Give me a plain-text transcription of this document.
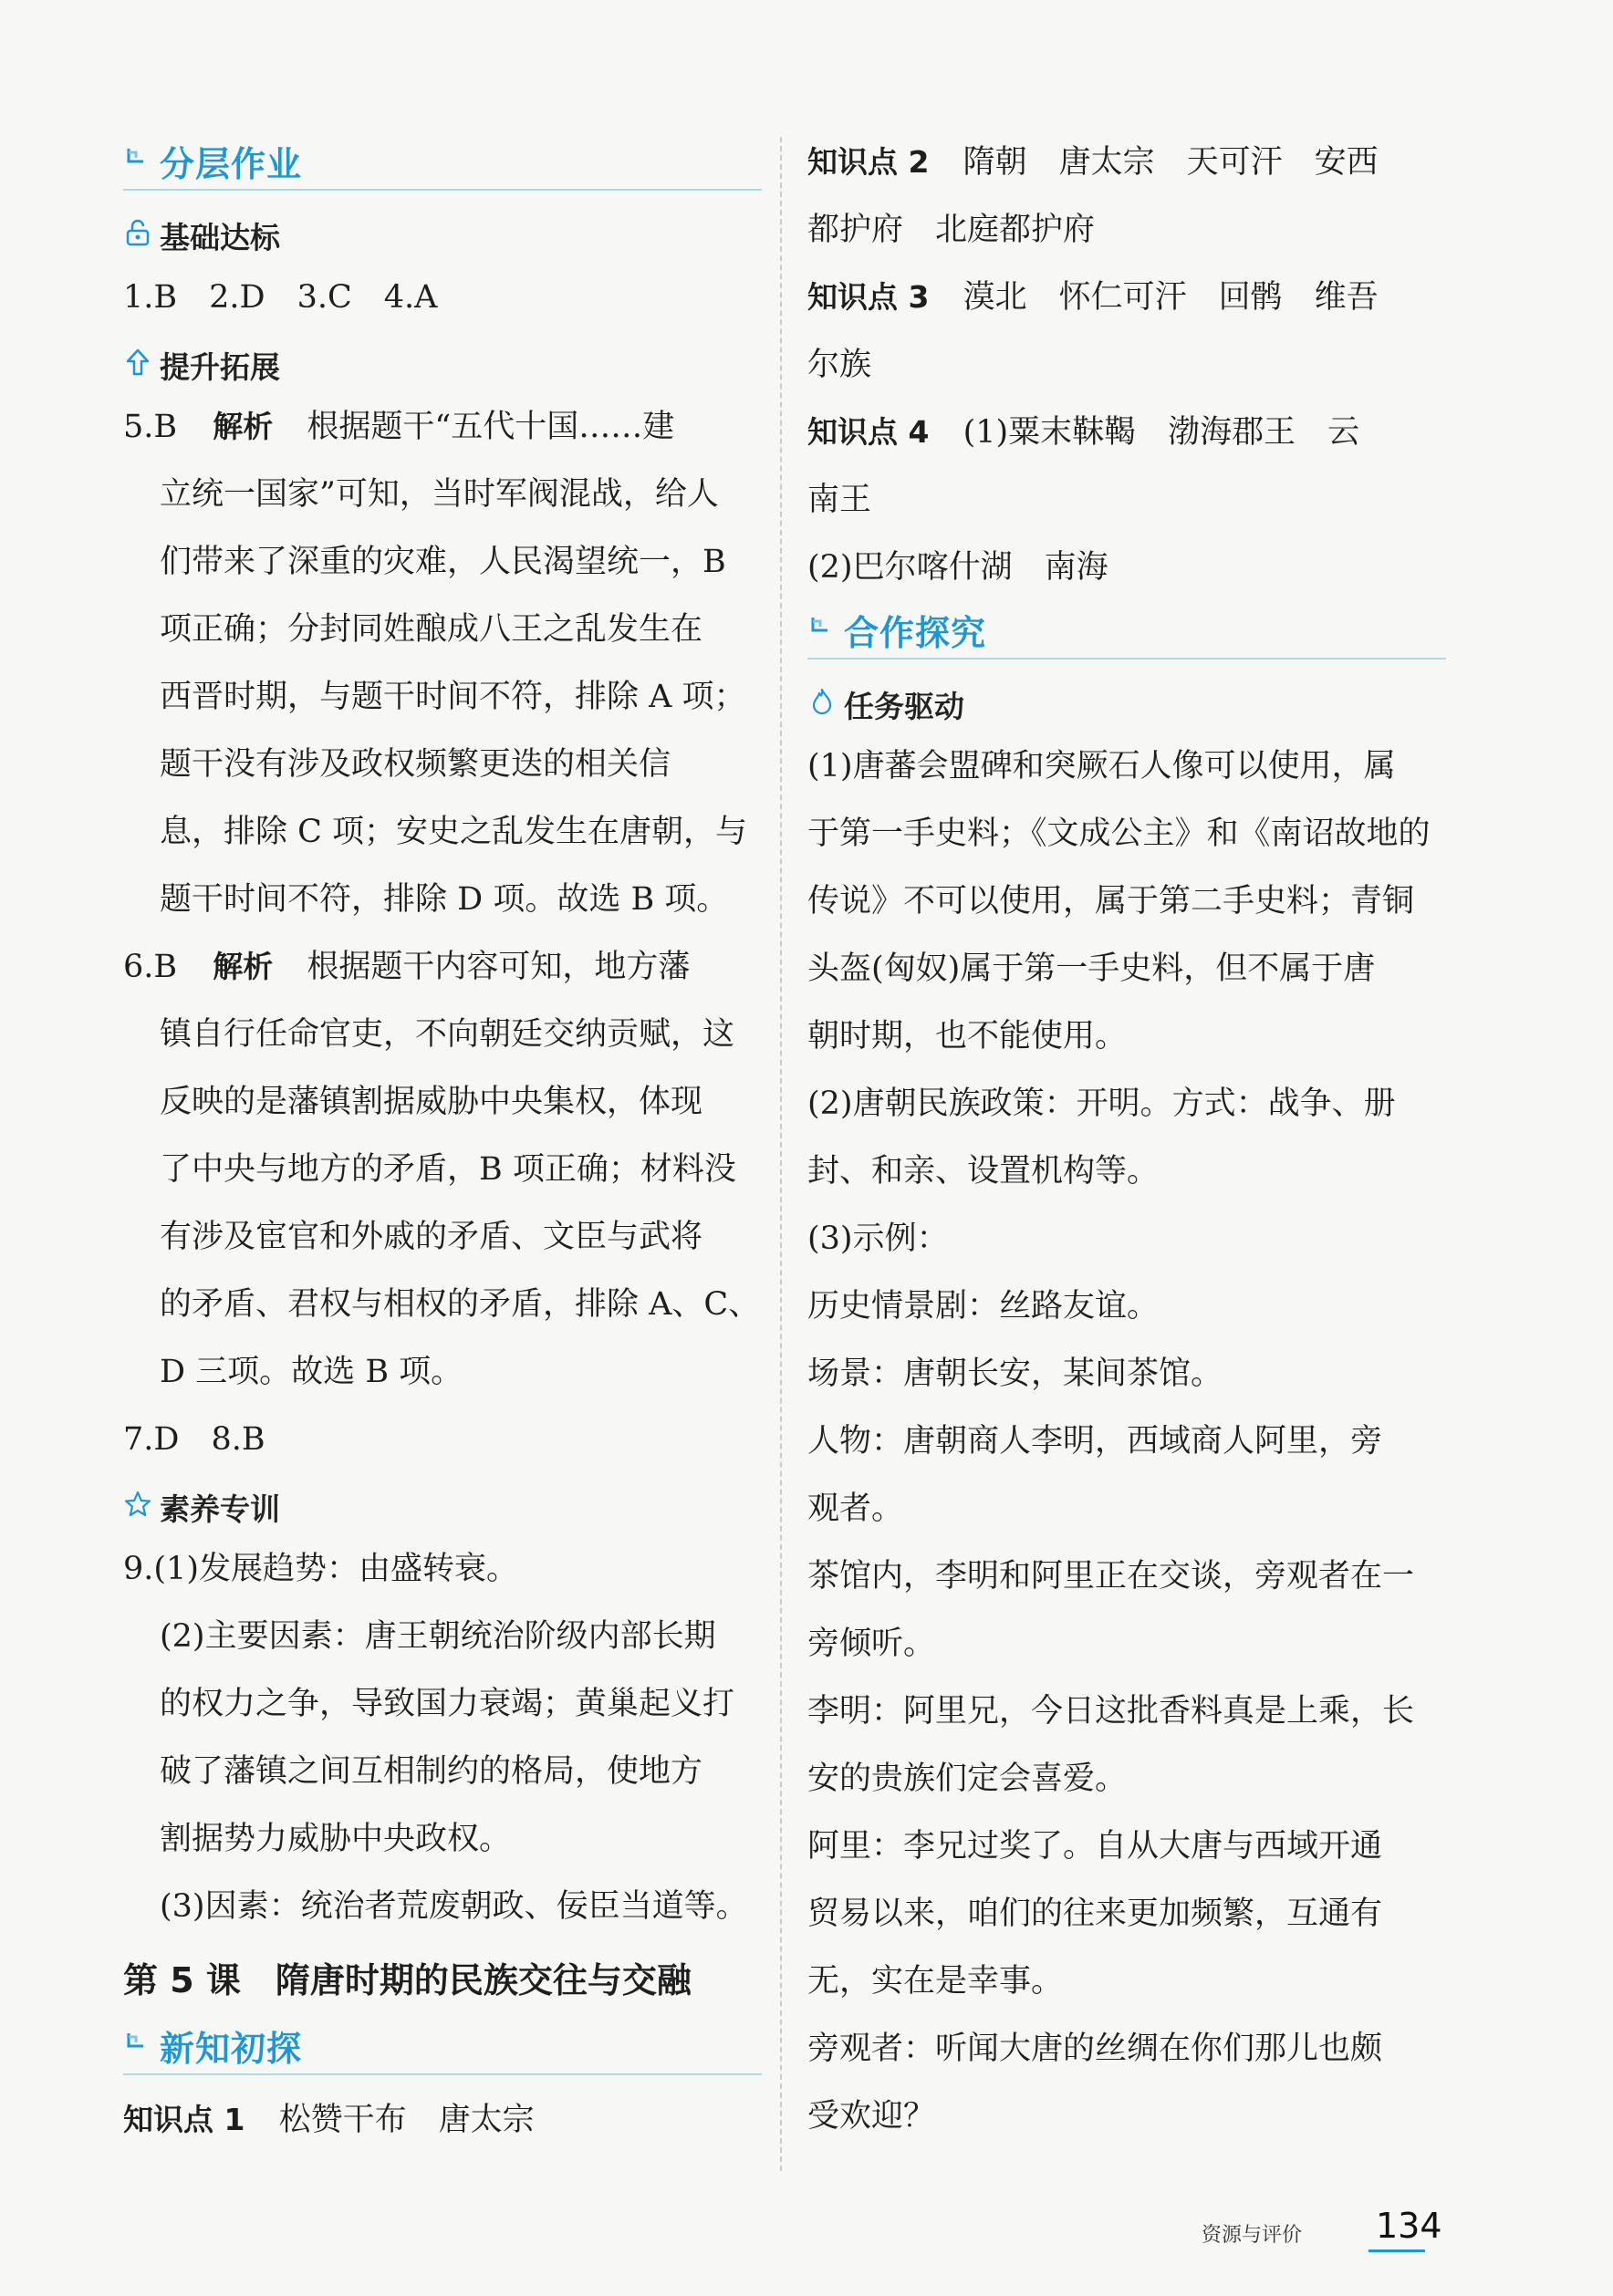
分层作业
基础达标
1.B　2.D　3.C　4.A
提升拓展
5.B 解析 根据题干“五代十国……建
立统一国家”可知，当时军阀混战，给人
们带来了深重的灾难，人民渴望统一，B
项正确；分封同姓酿成八王之乱发生在
西晋时期，与题干时间不符，排除 A 项；
题干没有涉及政权频繁更迭的相关信
息，排除 C 项；安史之乱发生在唐朝，与
题干时间不符，排除 D 项。故选 B 项。
6.B 解析 根据题干内容可知，地方藩
镇自行任命官吏，不向朝廷交纳贡赋，这
反映的是藩镇割据威胁中央集权，体现
了中央与地方的矛盾，B 项正确；材料没
有涉及宦官和外戚的矛盾、文臣与武将
的矛盾、君权与相权的矛盾，排除 A、C、
D 三项。故选 B 项。
7.D　8.B
素养专训
9.(1)发展趋势：由盛转衰。
(2)主要因素：唐王朝统治阶级内部长期
的权力之争，导致国力衰竭；黄巢起义打
破了藩镇之间互相制约的格局，使地方
割据势力威胁中央政权。
(3)因素：统治者荒废朝政、佞臣当道等。
第 5 课　隋唐时期的民族交往与交融
新知初探
知识点 1 松赞干布　唐太宗
知识点 2 隋朝　唐太宗　天可汗　安西
都护府　北庭都护府
知识点 3 漠北　怀仁可汗　回鹘　维吾
尔族
知识点 4 (1)粟末靺鞨　渤海郡王　云
南王
(2)巴尔喀什湖　南海
合作探究
任务驱动
(1)唐蕃会盟碑和突厥石人像可以使用，属
于第一手史料；《文成公主》和《南诏故地的
传说》不可以使用，属于第二手史料；青铜
头盔(匈奴)属于第一手史料，但不属于唐
朝时期，也不能使用。
(2)唐朝民族政策：开明。方式：战争、册
封、和亲、设置机构等。
(3)示例：
历史情景剧：丝路友谊。
场景：唐朝长安，某间茶馆。
人物：唐朝商人李明，西域商人阿里，旁
观者。
茶馆内，李明和阿里正在交谈，旁观者在一
旁倾听。
李明：阿里兄，今日这批香料真是上乘，长
安的贵族们定会喜爱。
阿里：李兄过奖了。自从大唐与西域开通
贸易以来，咱们的往来更加频繁，互通有
无，实在是幸事。
旁观者：听闻大唐的丝绸在你们那儿也颇
受欢迎？
资源与评价 134
